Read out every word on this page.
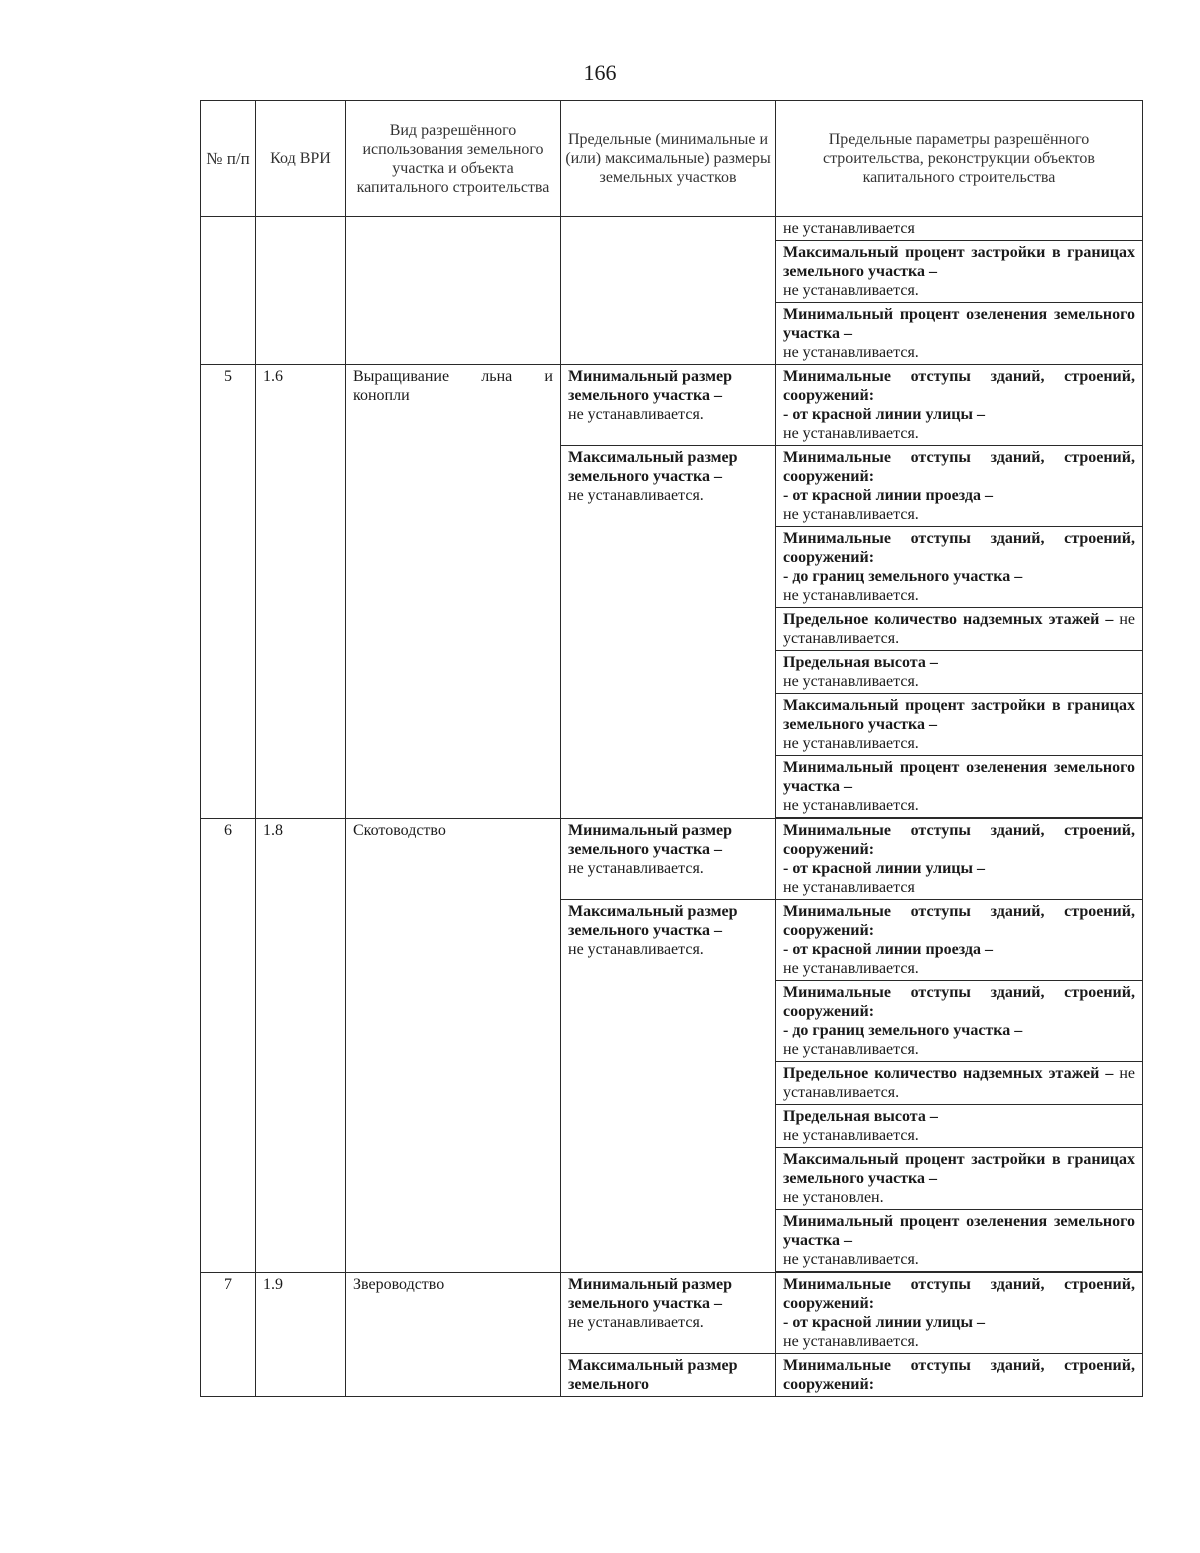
166
№ п/п	Код ВРИ	Вид разрешённого использования земельного участка и объекта капитального строительства	Предельные (минимальные и (или) максимальные) размеры земельных участков	Предельные параметры разрешённого строительства, реконструкции объектов капитального строительства

				не устанавливается

				Максимальный процент застройки в границах земельного участка –
не устанавливается.

				Минимальный процент озеленения земельного участка –
не устанавливается.

5	1.6	Выращивание льна и конопли	Минимальный размер земельного участка –
не устанавливается.	Минимальные отступы зданий, строений, сооружений:
- от красной линии улицы –
не устанавливается.

			Максимальный размер земельного участка –
не устанавливается.	Минимальные отступы зданий, строений, сооружений:
- от красной линии проезда –
не устанавливается.

				Минимальные отступы зданий, строений, сооружений:
- до границ земельного участка –
не устанавливается.

				Предельное количество надземных этажей – не устанавливается.
				Предельная высота –
не устанавливается.

				Максимальный процент застройки в границах земельного участка –
не устанавливается.

				Минимальный процент озеленения земельного участка –
не устанавливается.

6	1.8	Скотоводство	Минимальный размер земельного участка –
не устанавливается.	Минимальные отступы зданий, строений, сооружений:
- от красной линии улицы –
не устанавливается

			Максимальный размер земельного участка –
не устанавливается.	Минимальные отступы зданий, строений, сооружений:
- от красной линии проезда –
не устанавливается.

				Минимальные отступы зданий, строений, сооружений:
- до границ земельного участка –
не устанавливается.

				Предельное количество надземных этажей – не устанавливается.
				Предельная высота –
не устанавливается.

				Максимальный процент застройки в границах земельного участка –
не установлен.

				Минимальный процент озеленения земельного участка –
не устанавливается.

7	1.9	Звероводство	Минимальный размер земельного участка –
не устанавливается.	Минимальные отступы зданий, строений, сооружений:
- от красной линии улицы –
не устанавливается.

			Максимальный размер земельного	Минимальные отступы зданий, строений, сооружений:
